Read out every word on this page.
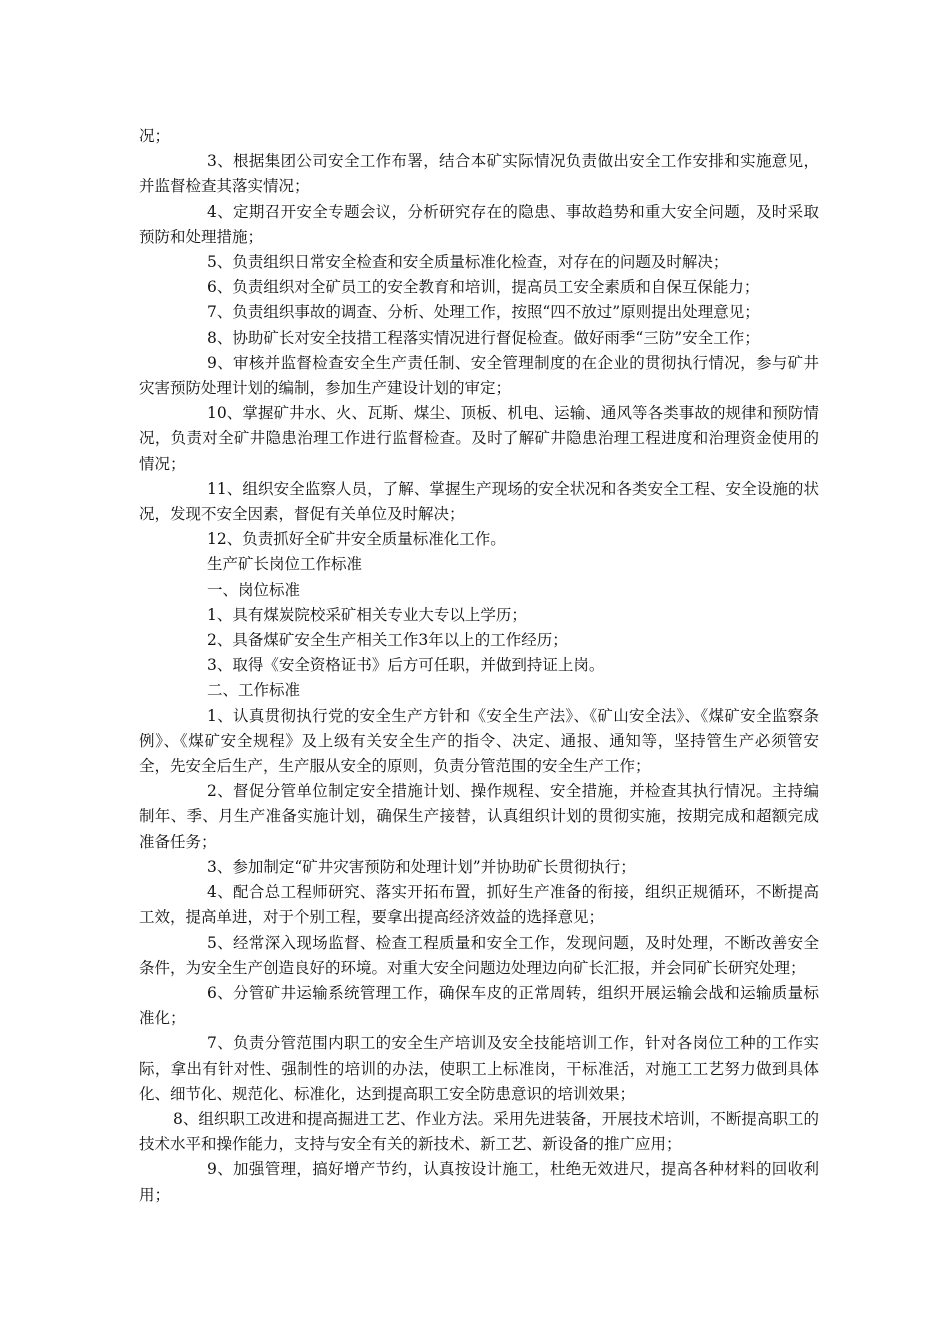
况；

3、根据集团公司安全工作布署，结合本矿实际情况负责做出安全工作安排和实施意见，并监督检查其落实情况；

4、定期召开安全专题会议，分析研究存在的隐患、事故趋势和重大安全问题，及时采取预防和处理措施；

5、负责组织日常安全检查和安全质量标准化检查，对存在的问题及时解决；

6、负责组织对全矿员工的安全教育和培训，提高员工安全素质和自保互保能力；

7、负责组织事故的调查、分析、处理工作，按照“四不放过”原则提出处理意见；

8、协助矿长对安全技措工程落实情况进行督促检查。做好雨季“三防”安全工作；

9、审核并监督检查安全生产责任制、安全管理制度的在企业的贯彻执行情况，参与矿井灾害预防处理计划的编制，参加生产建设计划的审定；

10、掌握矿井水、火、瓦斯、煤尘、顶板、机电、运输、通风等各类事故的规律和预防情况，负责对全矿井隐患治理工作进行监督检查。及时了解矿井隐患治理工程进度和治理资金使用的情况；

11、组织安全监察人员，了解、掌握生产现场的安全状况和各类安全工程、安全设施的状况，发现不安全因素，督促有关单位及时解决；

12、负责抓好全矿井安全质量标准化工作。

生产矿长岗位工作标准

一、岗位标准

1、具有煤炭院校采矿相关专业大专以上学历；

2、具备煤矿安全生产相关工作3年以上的工作经历；

3、取得《安全资格证书》后方可任职，并做到持证上岗。

二、工作标准

1、认真贯彻执行党的安全生产方针和《安全生产法》、《矿山安全法》、《煤矿安全监察条例》、《煤矿安全规程》及上级有关安全生产的指令、决定、通报、通知等，坚持管生产必须管安全，先安全后生产，生产服从安全的原则，负责分管范围的安全生产工作；

2、督促分管单位制定安全措施计划、操作规程、安全措施，并检查其执行情况。主持编制年、季、月生产准备实施计划，确保生产接替，认真组织计划的贯彻实施，按期完成和超额完成准备任务；

3、参加制定“矿井灾害预防和处理计划”并协助矿长贯彻执行；

4、配合总工程师研究、落实开拓布置，抓好生产准备的衔接，组织正规循环，不断提高工效，提高单进，对于个别工程，要拿出提高经济效益的选择意见；

5、经常深入现场监督、检查工程质量和安全工作，发现问题，及时处理，不断改善安全条件，为安全生产创造良好的环境。对重大安全问题边处理边向矿长汇报，并会同矿长研究处理；

6、分管矿井运输系统管理工作，确保车皮的正常周转，组织开展运输会战和运输质量标准化；

7、负责分管范围内职工的安全生产培训及安全技能培训工作，针对各岗位工种的工作实际，拿出有针对性、强制性的培训的办法，使职工上标准岗，干标准活，对施工工艺努力做到具体化、细节化、规范化、标准化，达到提高职工安全防患意识的培训效果；

8、组织职工改进和提高掘进工艺、作业方法。采用先进装备，开展技术培训，不断提高职工的技术水平和操作能力，支持与安全有关的新技术、新工艺、新设备的推广应用；

9、加强管理，搞好增产节约，认真按设计施工，杜绝无效进尺，提高各种材料的回收利用；
